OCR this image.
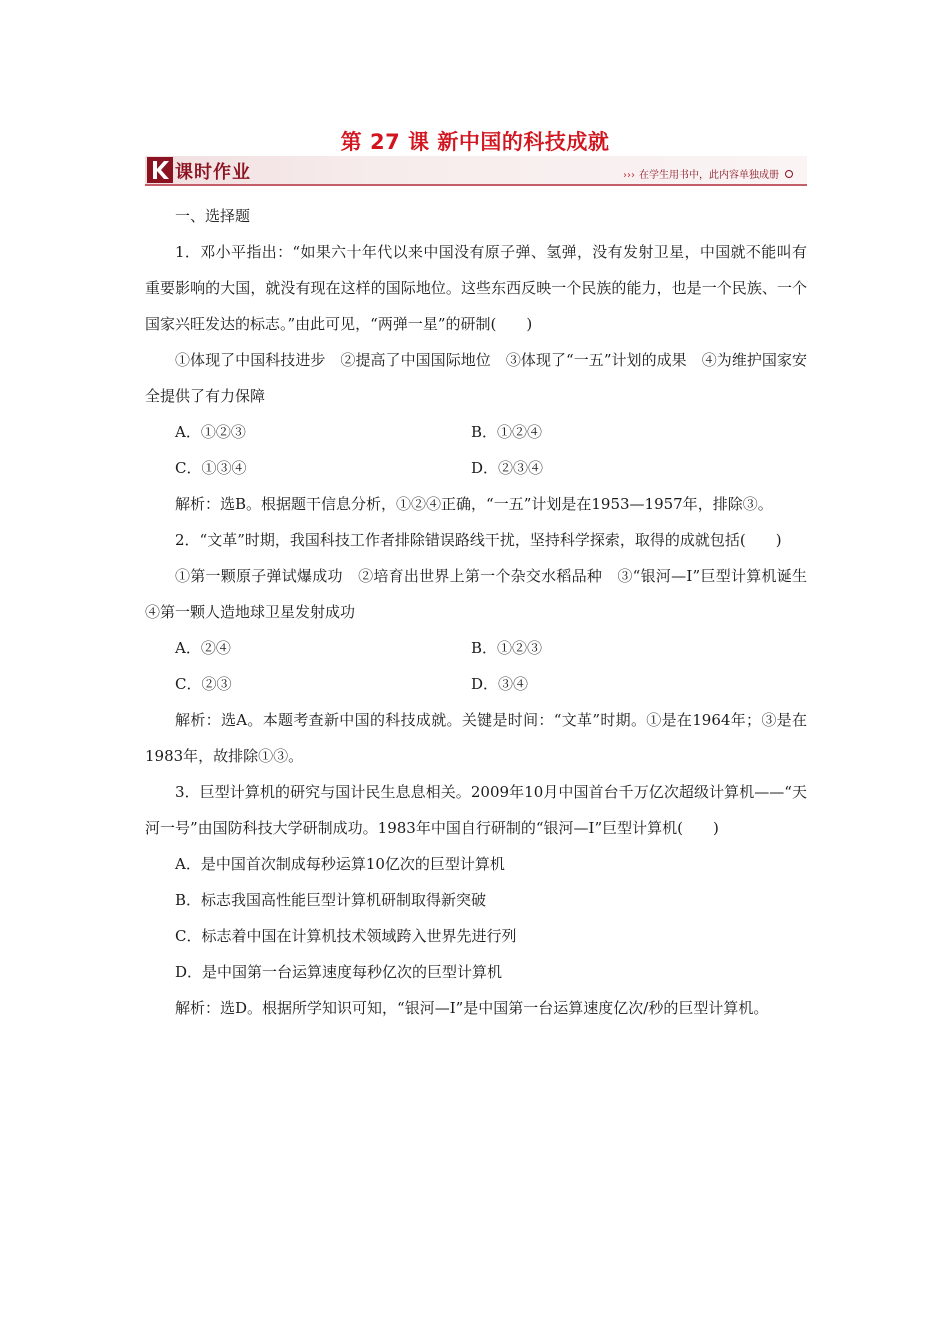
第 27 课 新中国的科技成就
课时作业	››› 在学生用书中，此内容单独成册

一、选择题

1．邓小平指出：“如果六十年代以来中国没有原子弹、氢弹，没有发射卫星，中国就不能叫有重要影响的大国，就没有现在这样的国际地位。这些东西反映一个民族的能力，也是一个民族、一个国家兴旺发达的标志。”由此可见，“两弹一星”的研制(　　)

①体现了中国科技进步　②提高了中国国际地位　③体现了“一五”计划的成果　④为维护国家安全提供了有力保障

A．①②③	B．①②④
C．①③④	D．②③④

解析：选B。根据题干信息分析，①②④正确，“一五”计划是在1953—1957年，排除③。

2．“文革”时期，我国科技工作者排除错误路线干扰，坚持科学探索，取得的成就包括(　　)

①第一颗原子弹试爆成功　②培育出世界上第一个杂交水稻品种　③“银河—Ⅰ”巨型计算机诞生　④第一颗人造地球卫星发射成功

A．②④	B．①②③
C．②③	D．③④

解析：选A。本题考查新中国的科技成就。关键是时间：“文革”时期。①是在1964年；③是在1983年，故排除①③。

3．巨型计算机的研究与国计民生息息相关。2009年10月中国首台千万亿次超级计算机——“天河一号”由国防科技大学研制成功。1983年中国自行研制的“银河—Ⅰ”巨型计算机(　　)

A．是中国首次制成每秒运算10亿次的巨型计算机
B．标志我国高性能巨型计算机研制取得新突破
C．标志着中国在计算机技术领域跨入世界先进行列
D．是中国第一台运算速度每秒亿次的巨型计算机

解析：选D。根据所学知识可知，“银河—Ⅰ”是中国第一台运算速度亿次/秒的巨型计算机。
